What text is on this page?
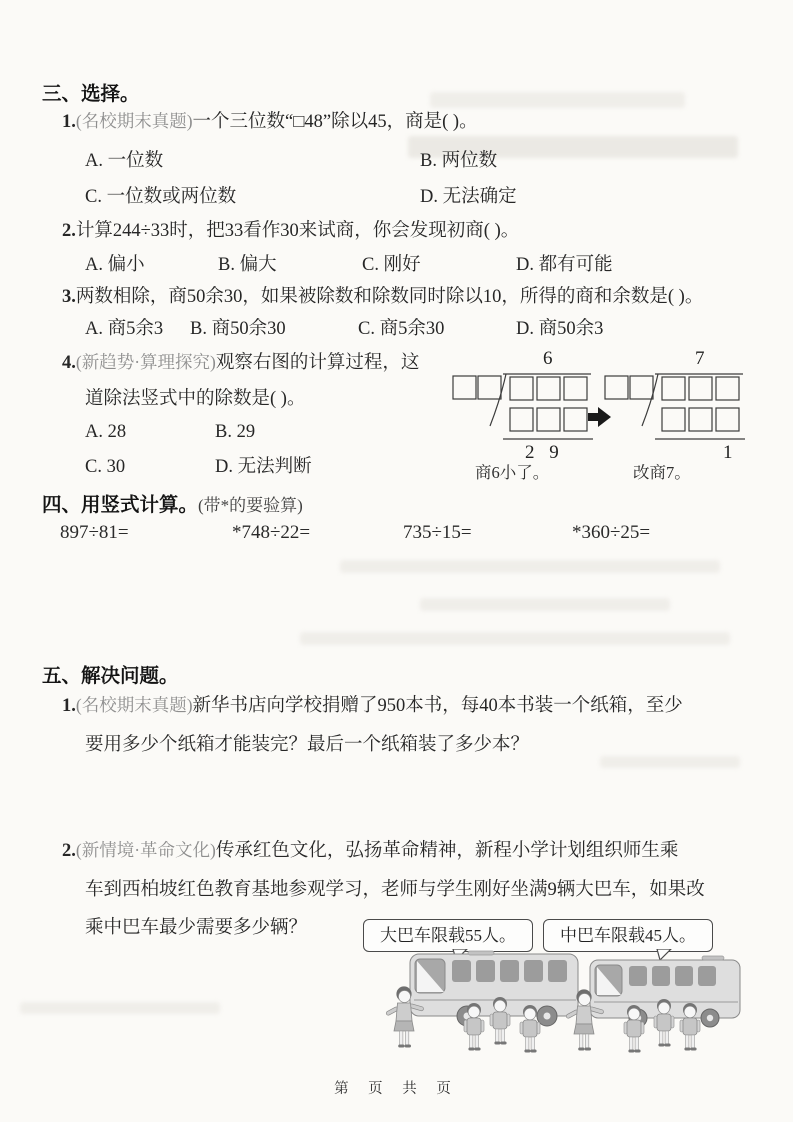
三、选择。
1.(名校期末真题)一个三位数“□48”除以45，商是( )。
A. 一位数	B. 两位数
C. 一位数或两位数	D. 无法确定
2.计算244÷33时，把33看作30来试商，你会发现初商( )。
A. 偏小	B. 偏大	C. 刚好	D. 都有可能
3.两数相除，商50余30，如果被除数和除数同时除以10，所得的商和余数是( )。
A. 商5余3 B. 商50余30	C. 商5余30	D. 商50余3
4.(新趋势·算理探究)观察右图的计算过程，这
道除法竖式中的除数是( )。
A. 28	B. 29
C. 30	D. 无法判断
6
2 9
商6小了。
7
1
改商7。
四、用竖式计算。(带*的要验算)
897÷81=	*748÷22=	735÷15=	*360÷25=
五、解决问题。
1.(名校期末真题)新华书店向学校捐赠了950本书，每40本书装一个纸箱，至少
要用多少个纸箱才能装完？最后一个纸箱装了多少本？
2.(新情境·革命文化)传承红色文化，弘扬革命精神，新程小学计划组织师生乘
车到西柏坡红色教育基地参观学习，老师与学生刚好坐满9辆大巴车，如果改
乘中巴车最少需要多少辆？	大巴车限载55人。	中巴车限载45人。
第 页 共 页
